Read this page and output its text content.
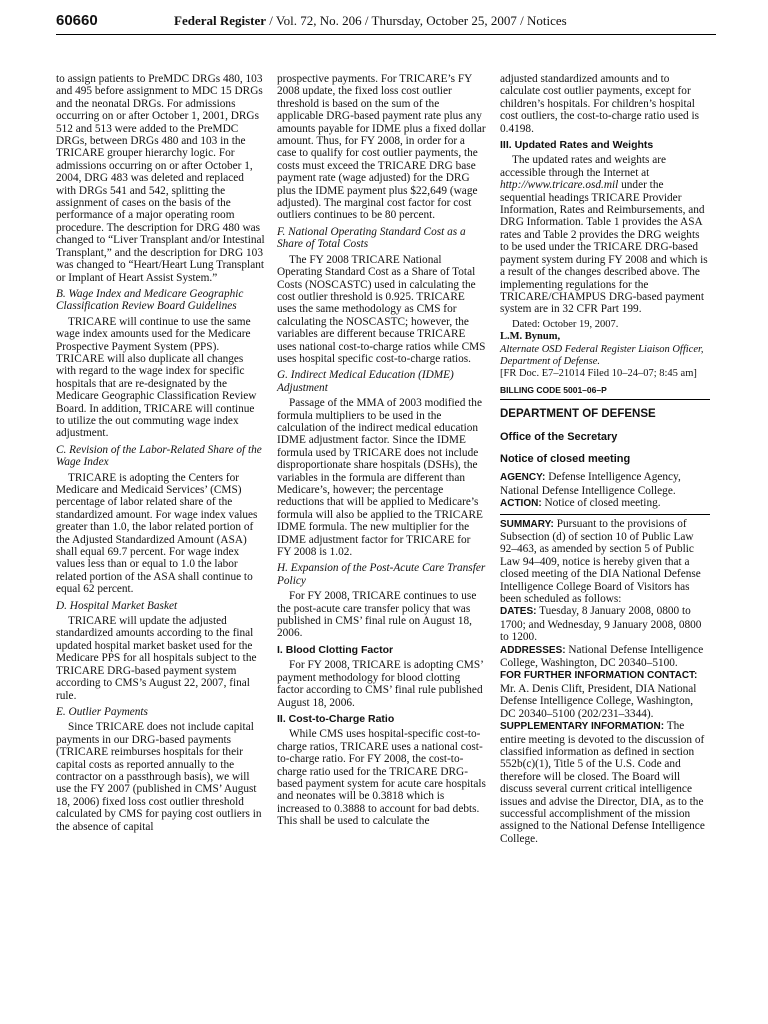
60660	Federal Register / Vol. 72, No. 206 / Thursday, October 25, 2007 / Notices

to assign patients to PreMDC DRGs 480, 103 and 495 before assignment to MDC 15 DRGs and the neonatal DRGs. For admissions occurring on or after October 1, 2001, DRGs 512 and 513 were added to the PreMDC DRGs, between DRGs 480 and 103 in the TRICARE grouper hierarchy logic. For admissions occurring on or after October 1, 2004, DRG 483 was deleted and replaced with DRGs 541 and 542, splitting the assignment of cases on the basis of the performance of a major operating room procedure. The description for DRG 480 was changed to “Liver Transplant and/or Intestinal Transplant,” and the description for DRG 103 was changed to “Heart/Heart Lung Transplant or Implant of Heart Assist System.”

B. Wage Index and Medicare Geographic Classification Review Board Guidelines

TRICARE will continue to use the same wage index amounts used for the Medicare Prospective Payment System (PPS). TRICARE will also duplicate all changes with regard to the wage index for specific hospitals that are re-designated by the Medicare Geographic Classification Review Board. In addition, TRICARE will continue to utilize the out commuting wage index adjustment.

C. Revision of the Labor-Related Share of the Wage Index

TRICARE is adopting the Centers for Medicare and Medicaid Services’ (CMS) percentage of labor related share of the standardized amount. For wage index values greater than 1.0, the labor related portion of the Adjusted Standardized Amount (ASA) shall equal 69.7 percent. For wage index values less than or equal to 1.0 the labor related portion of the ASA shall continue to equal 62 percent.

D. Hospital Market Basket

TRICARE will update the adjusted standardized amounts according to the final updated hospital market basket used for the Medicare PPS for all hospitals subject to the TRICARE DRG-based payment system according to CMS’s August 22, 2007, final rule.

E. Outlier Payments

Since TRICARE does not include capital payments in our DRG-based payments (TRICARE reimburses hospitals for their capital costs as reported annually to the contractor on a passthrough basis), we will use the FY 2007 (published in CMS’ August 18, 2006) fixed loss cost outlier threshold calculated by CMS for paying cost outliers in the absence of capital

prospective payments. For TRICARE’s FY 2008 update, the fixed loss cost outlier threshold is based on the sum of the applicable DRG-based payment rate plus any amounts payable for IDME plus a fixed dollar amount. Thus, for FY 2008, in order for a case to qualify for cost outlier payments, the costs must exceed the TRICARE DRG base payment rate (wage adjusted) for the DRG plus the IDME payment plus $22,649 (wage adjusted). The marginal cost factor for cost outliers continues to be 80 percent.

F. National Operating Standard Cost as a Share of Total Costs

The FY 2008 TRICARE National Operating Standard Cost as a Share of Total Costs (NOSCASTC) used in calculating the cost outlier threshold is 0.925. TRICARE uses the same methodology as CMS for calculating the NOSCASTC; however, the variables are different because TRICARE uses national cost-to-charge ratios while CMS uses hospital specific cost-to-charge ratios.

G. Indirect Medical Education (IDME) Adjustment

Passage of the MMA of 2003 modified the formula multipliers to be used in the calculation of the indirect medical education IDME adjustment factor. Since the IDME formula used by TRICARE does not include disproportionate share hospitals (DSHs), the variables in the formula are different than Medicare’s, however; the percentage reductions that will be applied to Medicare’s formula will also be applied to the TRICARE IDME formula. The new multiplier for the IDME adjustment factor for TRICARE for FY 2008 is 1.02.

H. Expansion of the Post-Acute Care Transfer Policy

For FY 2008, TRICARE continues to use the post-acute care transfer policy that was published in CMS’ final rule on August 18, 2006.

I. Blood Clotting Factor

For FY 2008, TRICARE is adopting CMS’ payment methodology for blood clotting factor according to CMS’ final rule published August 18, 2006.

II. Cost-to-Charge Ratio

While CMS uses hospital-specific cost-to-charge ratios, TRICARE uses a national cost-to-charge ratio. For FY 2008, the cost-to-charge ratio used for the TRICARE DRG-based payment system for acute care hospitals and neonates will be 0.3818 which is increased to 0.3888 to account for bad debts. This shall be used to calculate the

adjusted standardized amounts and to calculate cost outlier payments, except for children’s hospitals. For children’s hospital cost outliers, the cost-to-charge ratio used is 0.4198.

III. Updated Rates and Weights

The updated rates and weights are accessible through the Internet at http://www.tricare.osd.mil under the sequential headings TRICARE Provider Information, Rates and Reimbursements, and DRG Information. Table 1 provides the ASA rates and Table 2 provides the DRG weights to be used under the TRICARE DRG-based payment system during FY 2008 and which is a result of the changes described above. The implementing regulations for the TRICARE/CHAMPUS DRG-based payment system are in 32 CFR Part 199.

Dated: October 19, 2007.

L.M. Bynum,

Alternate OSD Federal Register Liaison Officer, Department of Defense.

[FR Doc. E7–21014 Filed 10–24–07; 8:45 am]

BILLING CODE 5001–06–P

DEPARTMENT OF DEFENSE

Office of the Secretary

Notice of closed meeting

AGENCY: Defense Intelligence Agency, National Defense Intelligence College.

ACTION: Notice of closed meeting.

SUMMARY: Pursuant to the provisions of Subsection (d) of section 10 of Public Law 92–463, as amended by section 5 of Public Law 94–409, notice is hereby given that a closed meeting of the DIA National Defense Intelligence College Board of Visitors has been scheduled as follows:

DATES: Tuesday, 8 January 2008, 0800 to 1700; and Wednesday, 9 January 2008, 0800 to 1200.

ADDRESSES: National Defense Intelligence College, Washington, DC 20340–5100.

FOR FURTHER INFORMATION CONTACT: Mr. A. Denis Clift, President, DIA National Defense Intelligence College, Washington, DC 20340–5100 (202/231–3344).

SUPPLEMENTARY INFORMATION: The entire meeting is devoted to the discussion of classified information as defined in section 552b(c)(1), Title 5 of the U.S. Code and therefore will be closed. The Board will discuss several current critical intelligence issues and advise the Director, DIA, as to the successful accomplishment of the mission assigned to the National Defense Intelligence College.
